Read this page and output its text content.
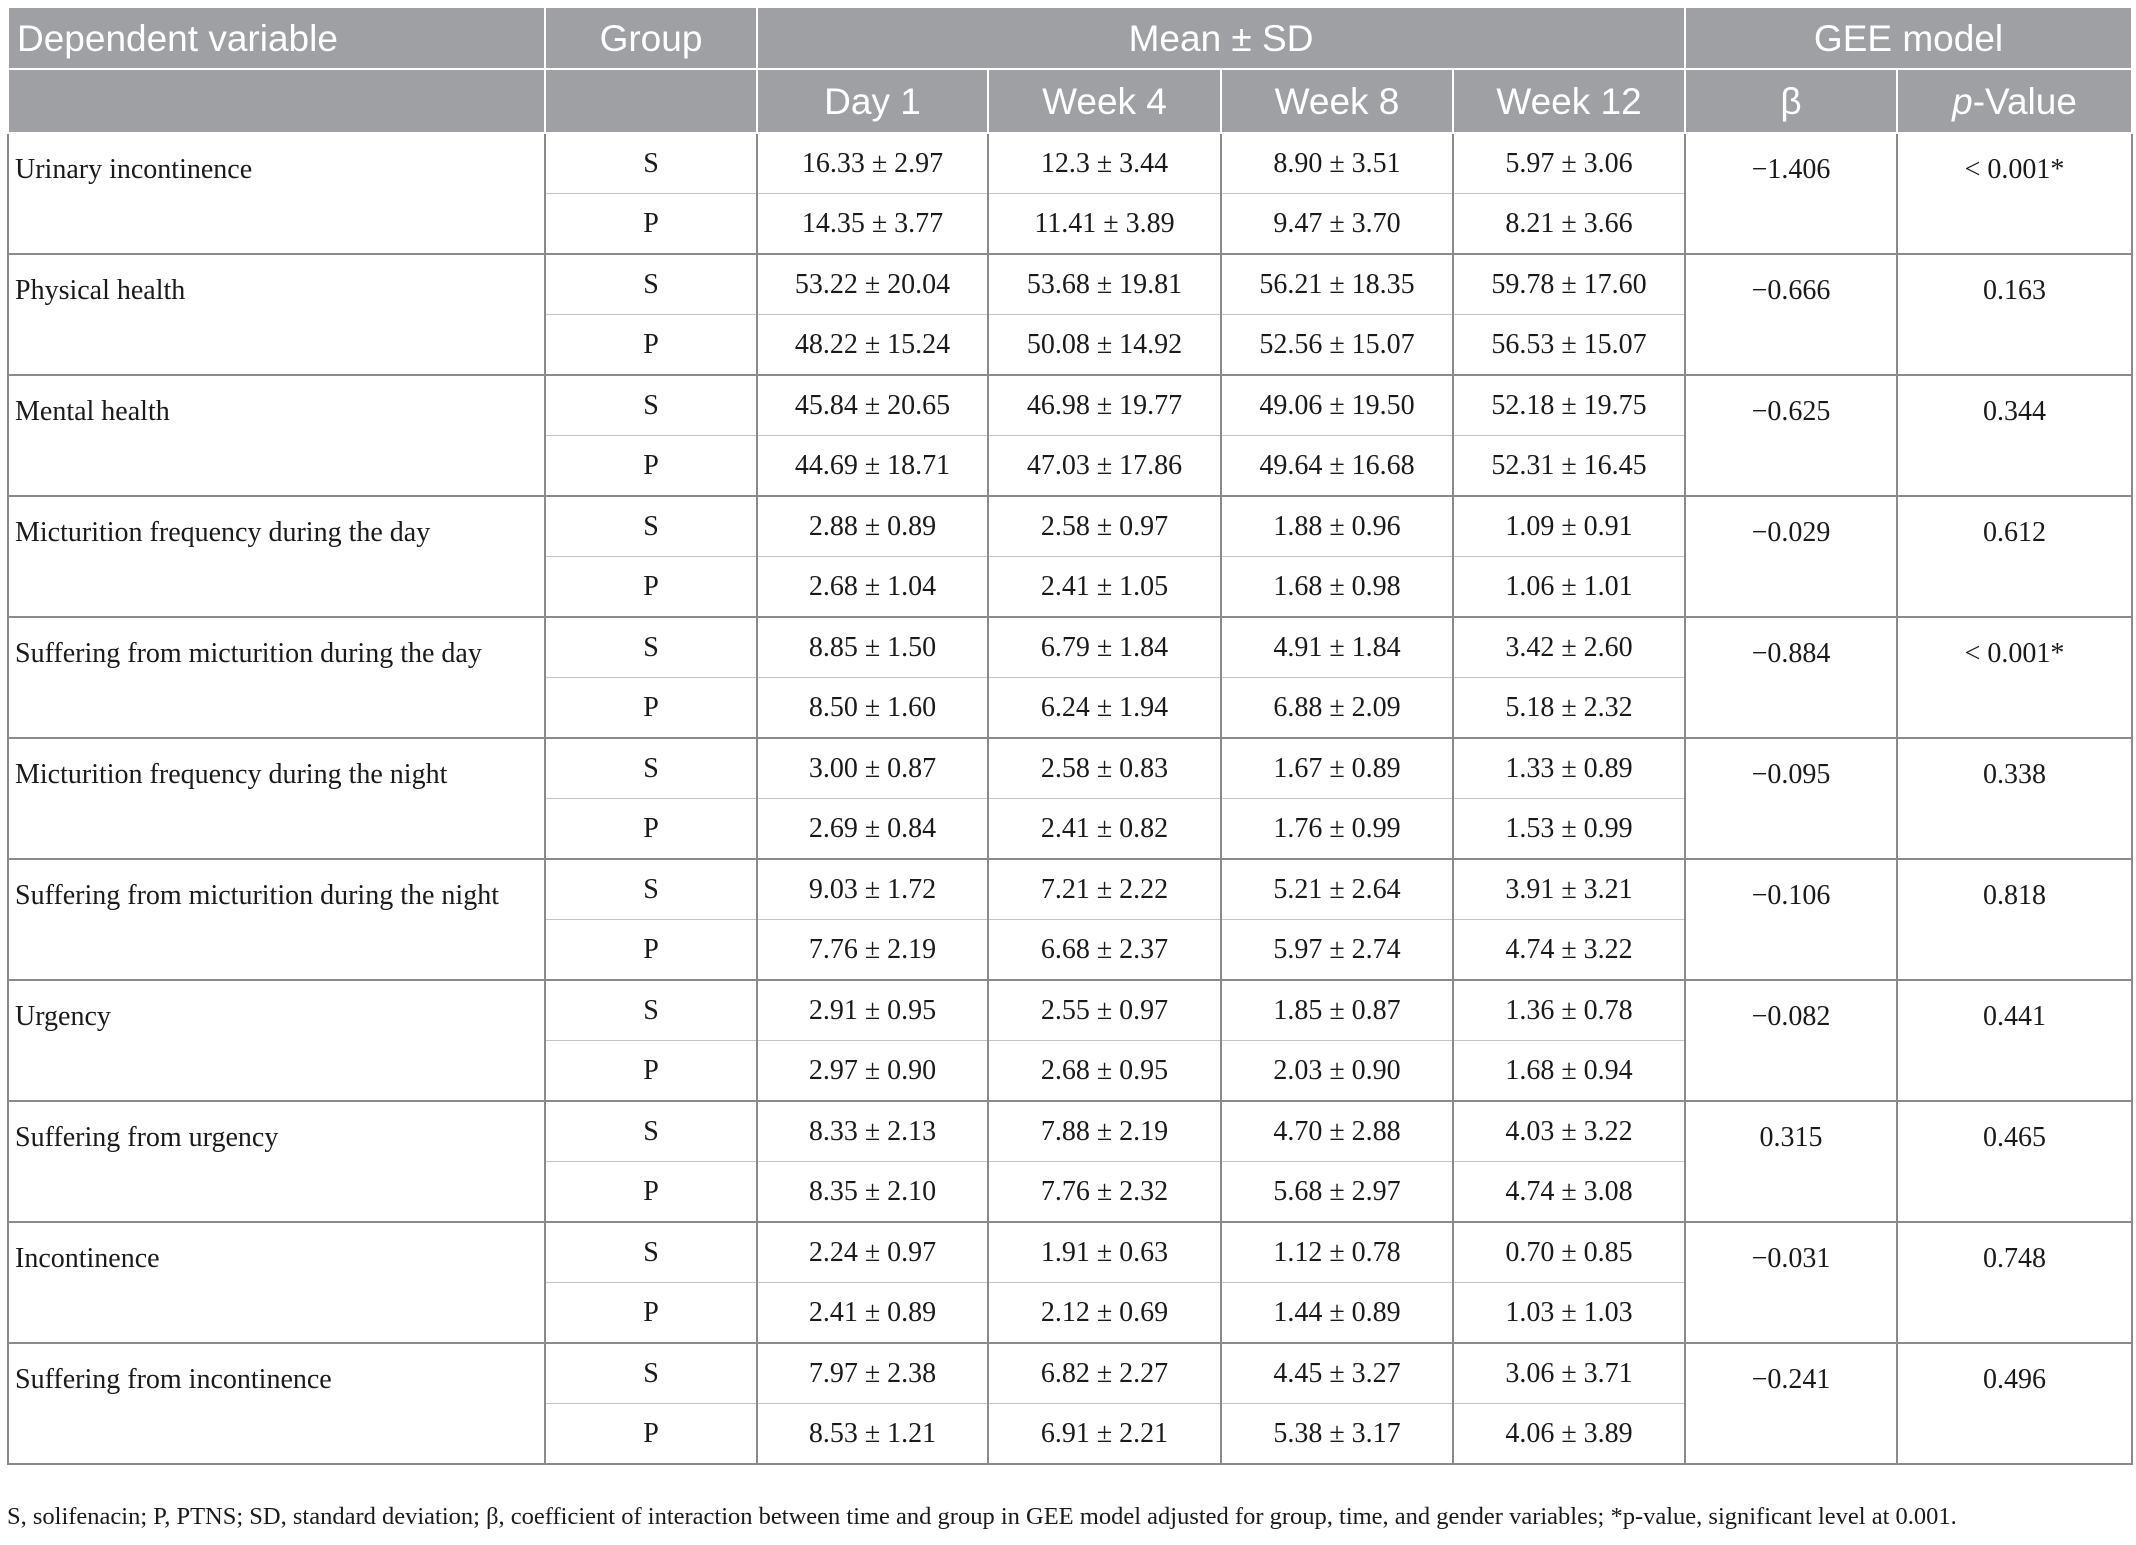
Dependent variable	Group	Mean ± SD				GEE model	
		Day 1	Week 4	Week 8	Week 12	β	p-Value
Urinary incontinence	S	16.33 ± 2.97	12.3 ± 3.44	8.90 ± 3.51	5.97 ± 3.06	−1.406	< 0.001*
	P	14.35 ± 3.77	11.41 ± 3.89	9.47 ± 3.70	8.21 ± 3.66		
Physical health	S	53.22 ± 20.04	53.68 ± 19.81	56.21 ± 18.35	59.78 ± 17.60	−0.666	0.163
	P	48.22 ± 15.24	50.08 ± 14.92	52.56 ± 15.07	56.53 ± 15.07		
Mental health	S	45.84 ± 20.65	46.98 ± 19.77	49.06 ± 19.50	52.18 ± 19.75	−0.625	0.344
	P	44.69 ± 18.71	47.03 ± 17.86	49.64 ± 16.68	52.31 ± 16.45		
Micturition frequency during the day	S	2.88 ± 0.89	2.58 ± 0.97	1.88 ± 0.96	1.09 ± 0.91	−0.029	0.612
	P	2.68 ± 1.04	2.41 ± 1.05	1.68 ± 0.98	1.06 ± 1.01		
Suffering from micturition during the day	S	8.85 ± 1.50	6.79 ± 1.84	4.91 ± 1.84	3.42 ± 2.60	−0.884	< 0.001*
	P	8.50 ± 1.60	6.24 ± 1.94	6.88 ± 2.09	5.18 ± 2.32		
Micturition frequency during the night	S	3.00 ± 0.87	2.58 ± 0.83	1.67 ± 0.89	1.33 ± 0.89	−0.095	0.338
	P	2.69 ± 0.84	2.41 ± 0.82	1.76 ± 0.99	1.53 ± 0.99		
Suffering from micturition during the night	S	9.03 ± 1.72	7.21 ± 2.22	5.21 ± 2.64	3.91 ± 3.21	−0.106	0.818
	P	7.76 ± 2.19	6.68 ± 2.37	5.97 ± 2.74	4.74 ± 3.22		
Urgency	S	2.91 ± 0.95	2.55 ± 0.97	1.85 ± 0.87	1.36 ± 0.78	−0.082	0.441
	P	2.97 ± 0.90	2.68 ± 0.95	2.03 ± 0.90	1.68 ± 0.94		
Suffering from urgency	S	8.33 ± 2.13	7.88 ± 2.19	4.70 ± 2.88	4.03 ± 3.22	0.315	0.465
	P	8.35 ± 2.10	7.76 ± 2.32	5.68 ± 2.97	4.74 ± 3.08		
Incontinence	S	2.24 ± 0.97	1.91 ± 0.63	1.12 ± 0.78	0.70 ± 0.85	−0.031	0.748
	P	2.41 ± 0.89	2.12 ± 0.69	1.44 ± 0.89	1.03 ± 1.03		
Suffering from incontinence	S	7.97 ± 2.38	6.82 ± 2.27	4.45 ± 3.27	3.06 ± 3.71	−0.241	0.496
	P	8.53 ± 1.21	6.91 ± 2.21	5.38 ± 3.17	4.06 ± 3.89		
S, solifenacin; P, PTNS; SD, standard deviation; β, coefficient of interaction between time and group in GEE model adjusted for group, time, and gender variables; *p-value, significant level at 0.001.
